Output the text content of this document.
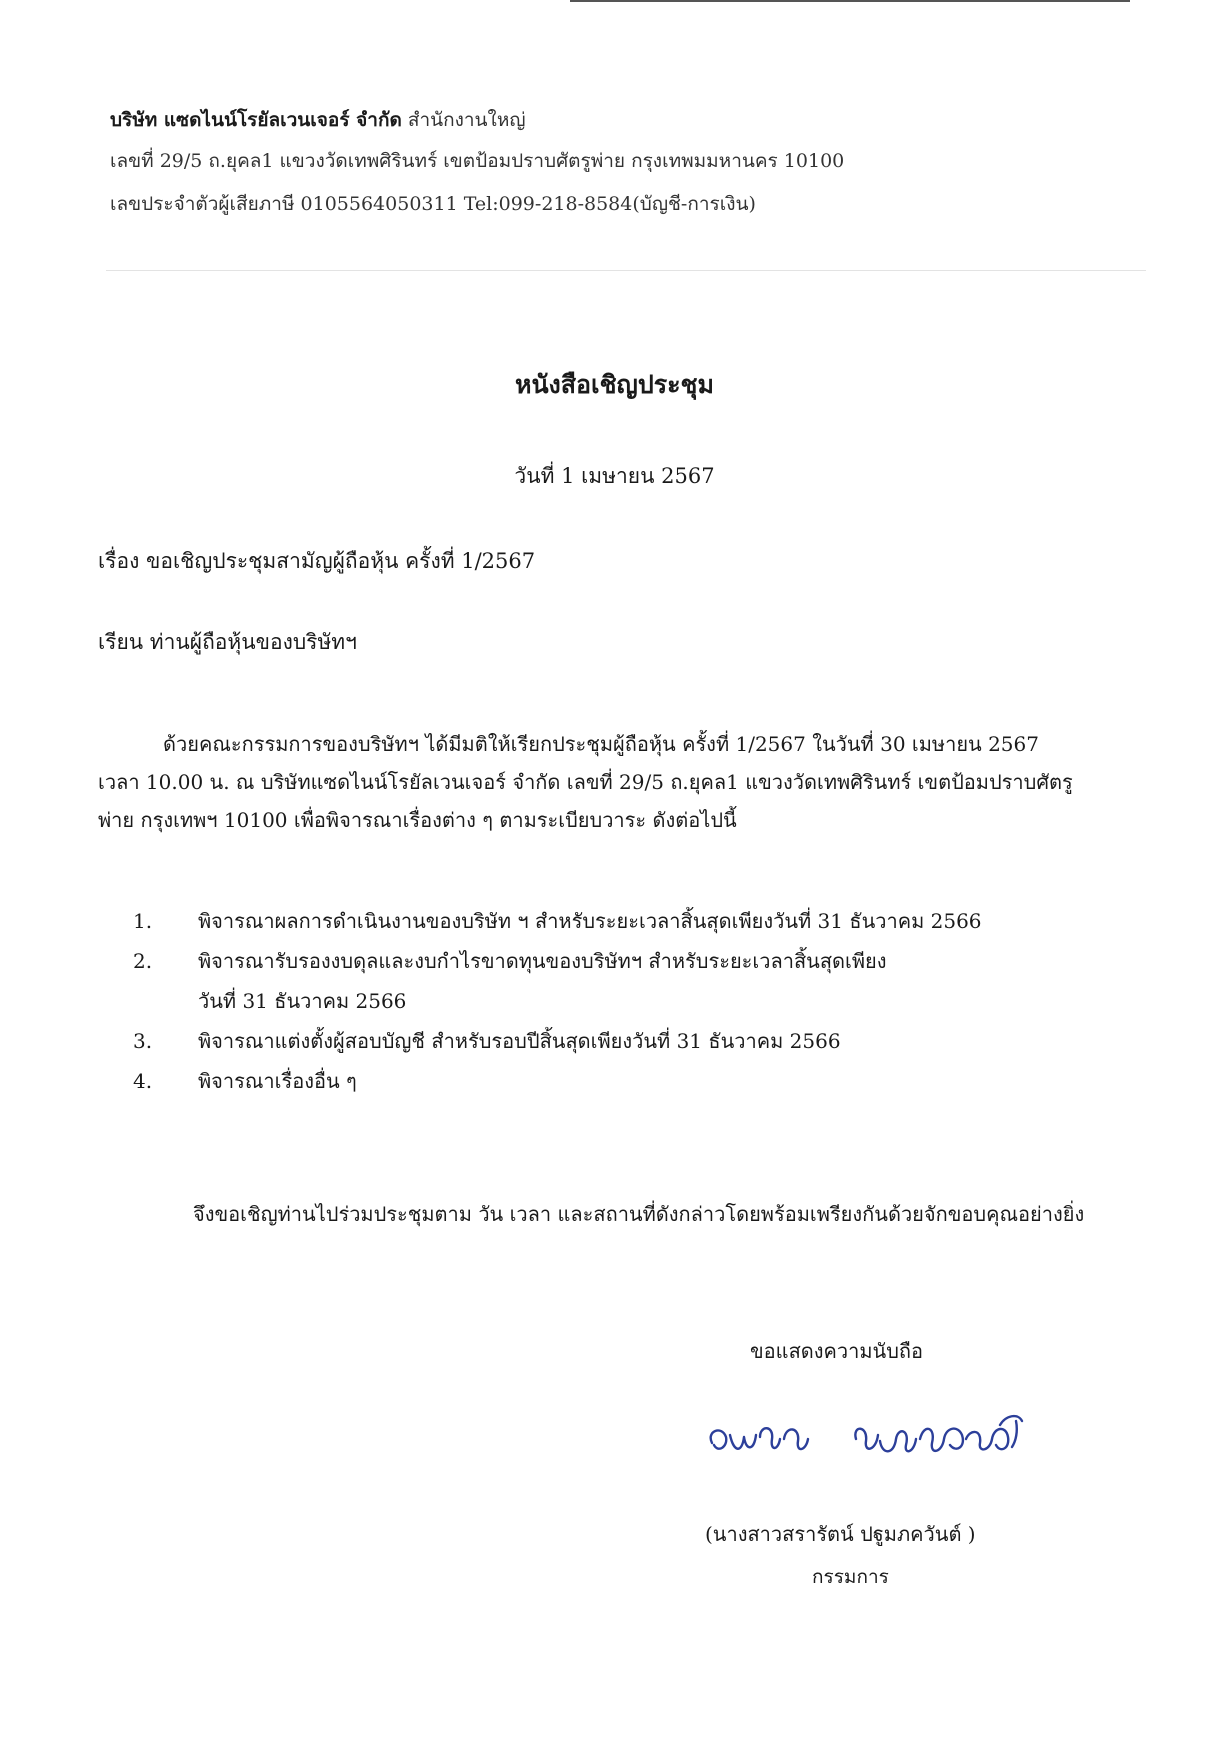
บริษัท แซดไนน์โรยัลเวนเจอร์ จำกัด สำนักงานใหญ่
เลขที่ 29/5 ถ.ยุคล1 แขวงวัดเทพศิรินทร์ เขตป้อมปราบศัตรูพ่าย กรุงเทพมมหานคร 10100
เลขประจำตัวผู้เสียภาษี 0105564050311 Tel:099-218-8584(บัญชี-การเงิน)
หนังสือเชิญประชุม
วันที่ 1 เมษายน 2567
เรื่อง ขอเชิญประชุมสามัญผู้ถือหุ้น ครั้งที่ 1/2567
เรียน ท่านผู้ถือหุ้นของบริษัทฯ
ด้วยคณะกรรมการของบริษัทฯ ได้มีมติให้เรียกประชุมผู้ถือหุ้น ครั้งที่ 1/2567 ในวันที่ 30 เมษายน 2567
เวลา 10.00 น. ณ บริษัทแซดไนน์โรยัลเวนเจอร์ จำกัด เลขที่ 29/5 ถ.ยุคล1 แขวงวัดเทพศิรินทร์ เขตป้อมปราบศัตรู
พ่าย กรุงเทพฯ 10100 เพื่อพิจารณาเรื่องต่าง ๆ ตามระเบียบวาระ ดังต่อไปนี้
1. พิจารณาผลการดำเนินงานของบริษัท ฯ สำหรับระยะเวลาสิ้นสุดเพียงวันที่ 31 ธันวาคม 2566
2. พิจารณารับรองงบดุลและงบกำไรขาดทุนของบริษัทฯ สำหรับระยะเวลาสิ้นสุดเพียง
วันที่ 31 ธันวาคม 2566
3. พิจารณาแต่งตั้งผู้สอบบัญชี สำหรับรอบปีสิ้นสุดเพียงวันที่ 31 ธันวาคม 2566
4. พิจารณาเรื่องอื่น ๆ
จึงขอเชิญท่านไปร่วมประชุมตาม วัน เวลา และสถานที่ดังกล่าวโดยพร้อมเพรียงกันด้วยจักขอบคุณอย่างยิ่ง
ขอแสดงความนับถือ
(นางสาวสรารัตน์ ปฐูมภควันต์ )
กรรมการ
